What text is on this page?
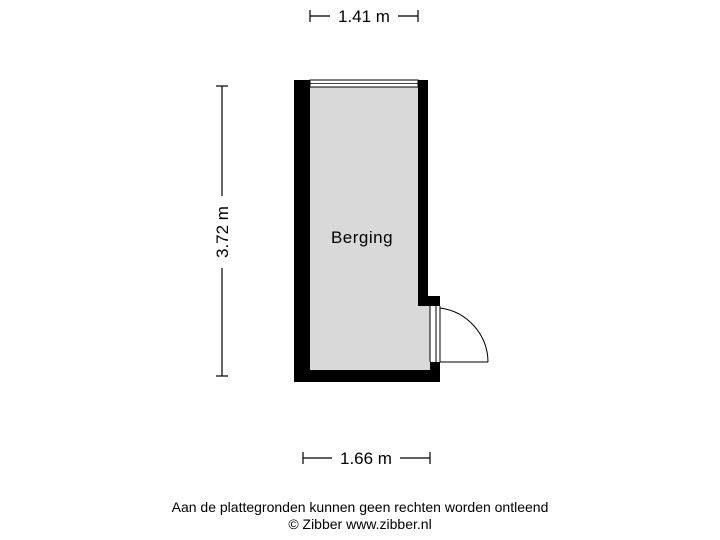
1.41 m
3.72 m
1.66 m
Berging
Aan de plattegronden kunnen geen rechten worden ontleend
© Zibber www.zibber.nl
